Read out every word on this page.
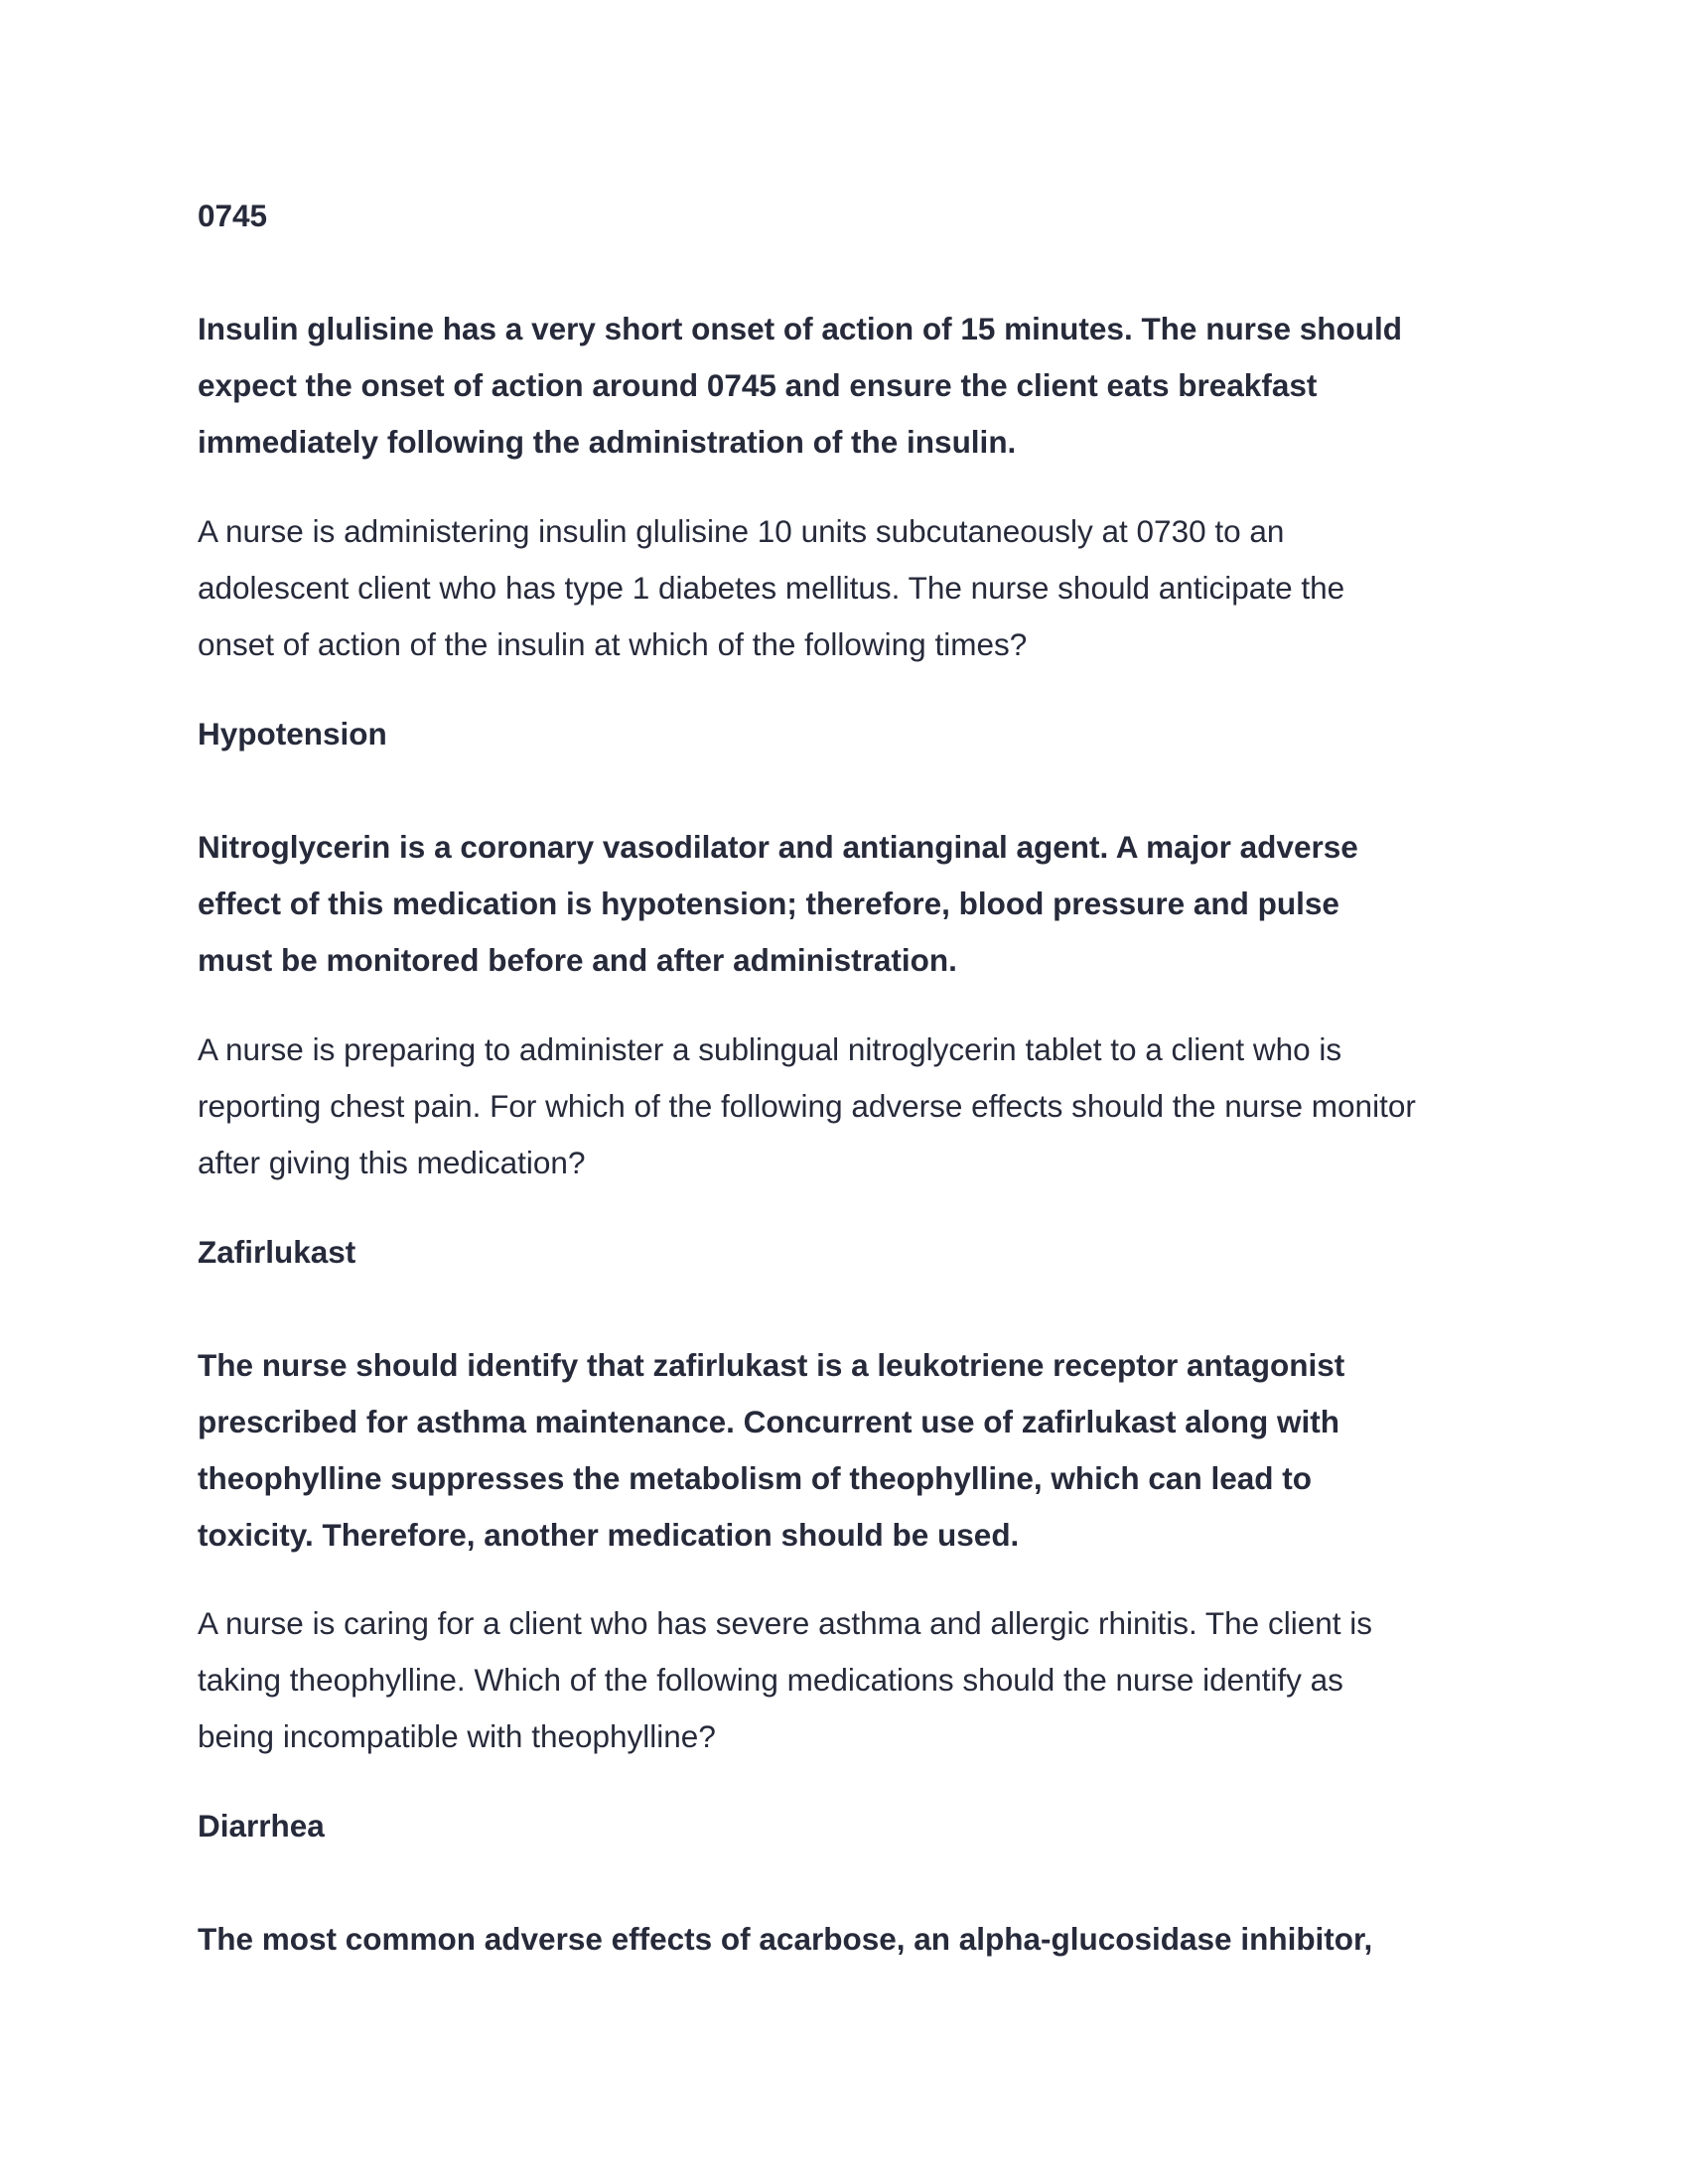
0745
Insulin glulisine has a very short onset of action of 15 minutes. The nurse should
expect the onset of action around 0745 and ensure the client eats breakfast
immediately following the administration of the insulin.
A nurse is administering insulin glulisine 10 units subcutaneously at 0730 to an
adolescent client who has type 1 diabetes mellitus. The nurse should anticipate the
onset of action of the insulin at which of the following times?
Hypotension
Nitroglycerin is a coronary vasodilator and antianginal agent. A major adverse
effect of this medication is hypotension; therefore, blood pressure and pulse
must be monitored before and after administration.
A nurse is preparing to administer a sublingual nitroglycerin tablet to a client who is
reporting chest pain. For which of the following adverse effects should the nurse monitor
after giving this medication?
Zafirlukast
The nurse should identify that zafirlukast is a leukotriene receptor antagonist
prescribed for asthma maintenance. Concurrent use of zafirlukast along with
theophylline suppresses the metabolism of theophylline, which can lead to
toxicity. Therefore, another medication should be used.
A nurse is caring for a client who has severe asthma and allergic rhinitis. The client is
taking theophylline. Which of the following medications should the nurse identify as
being incompatible with theophylline?
Diarrhea
The most common adverse effects of acarbose, an alpha-glucosidase inhibitor,
